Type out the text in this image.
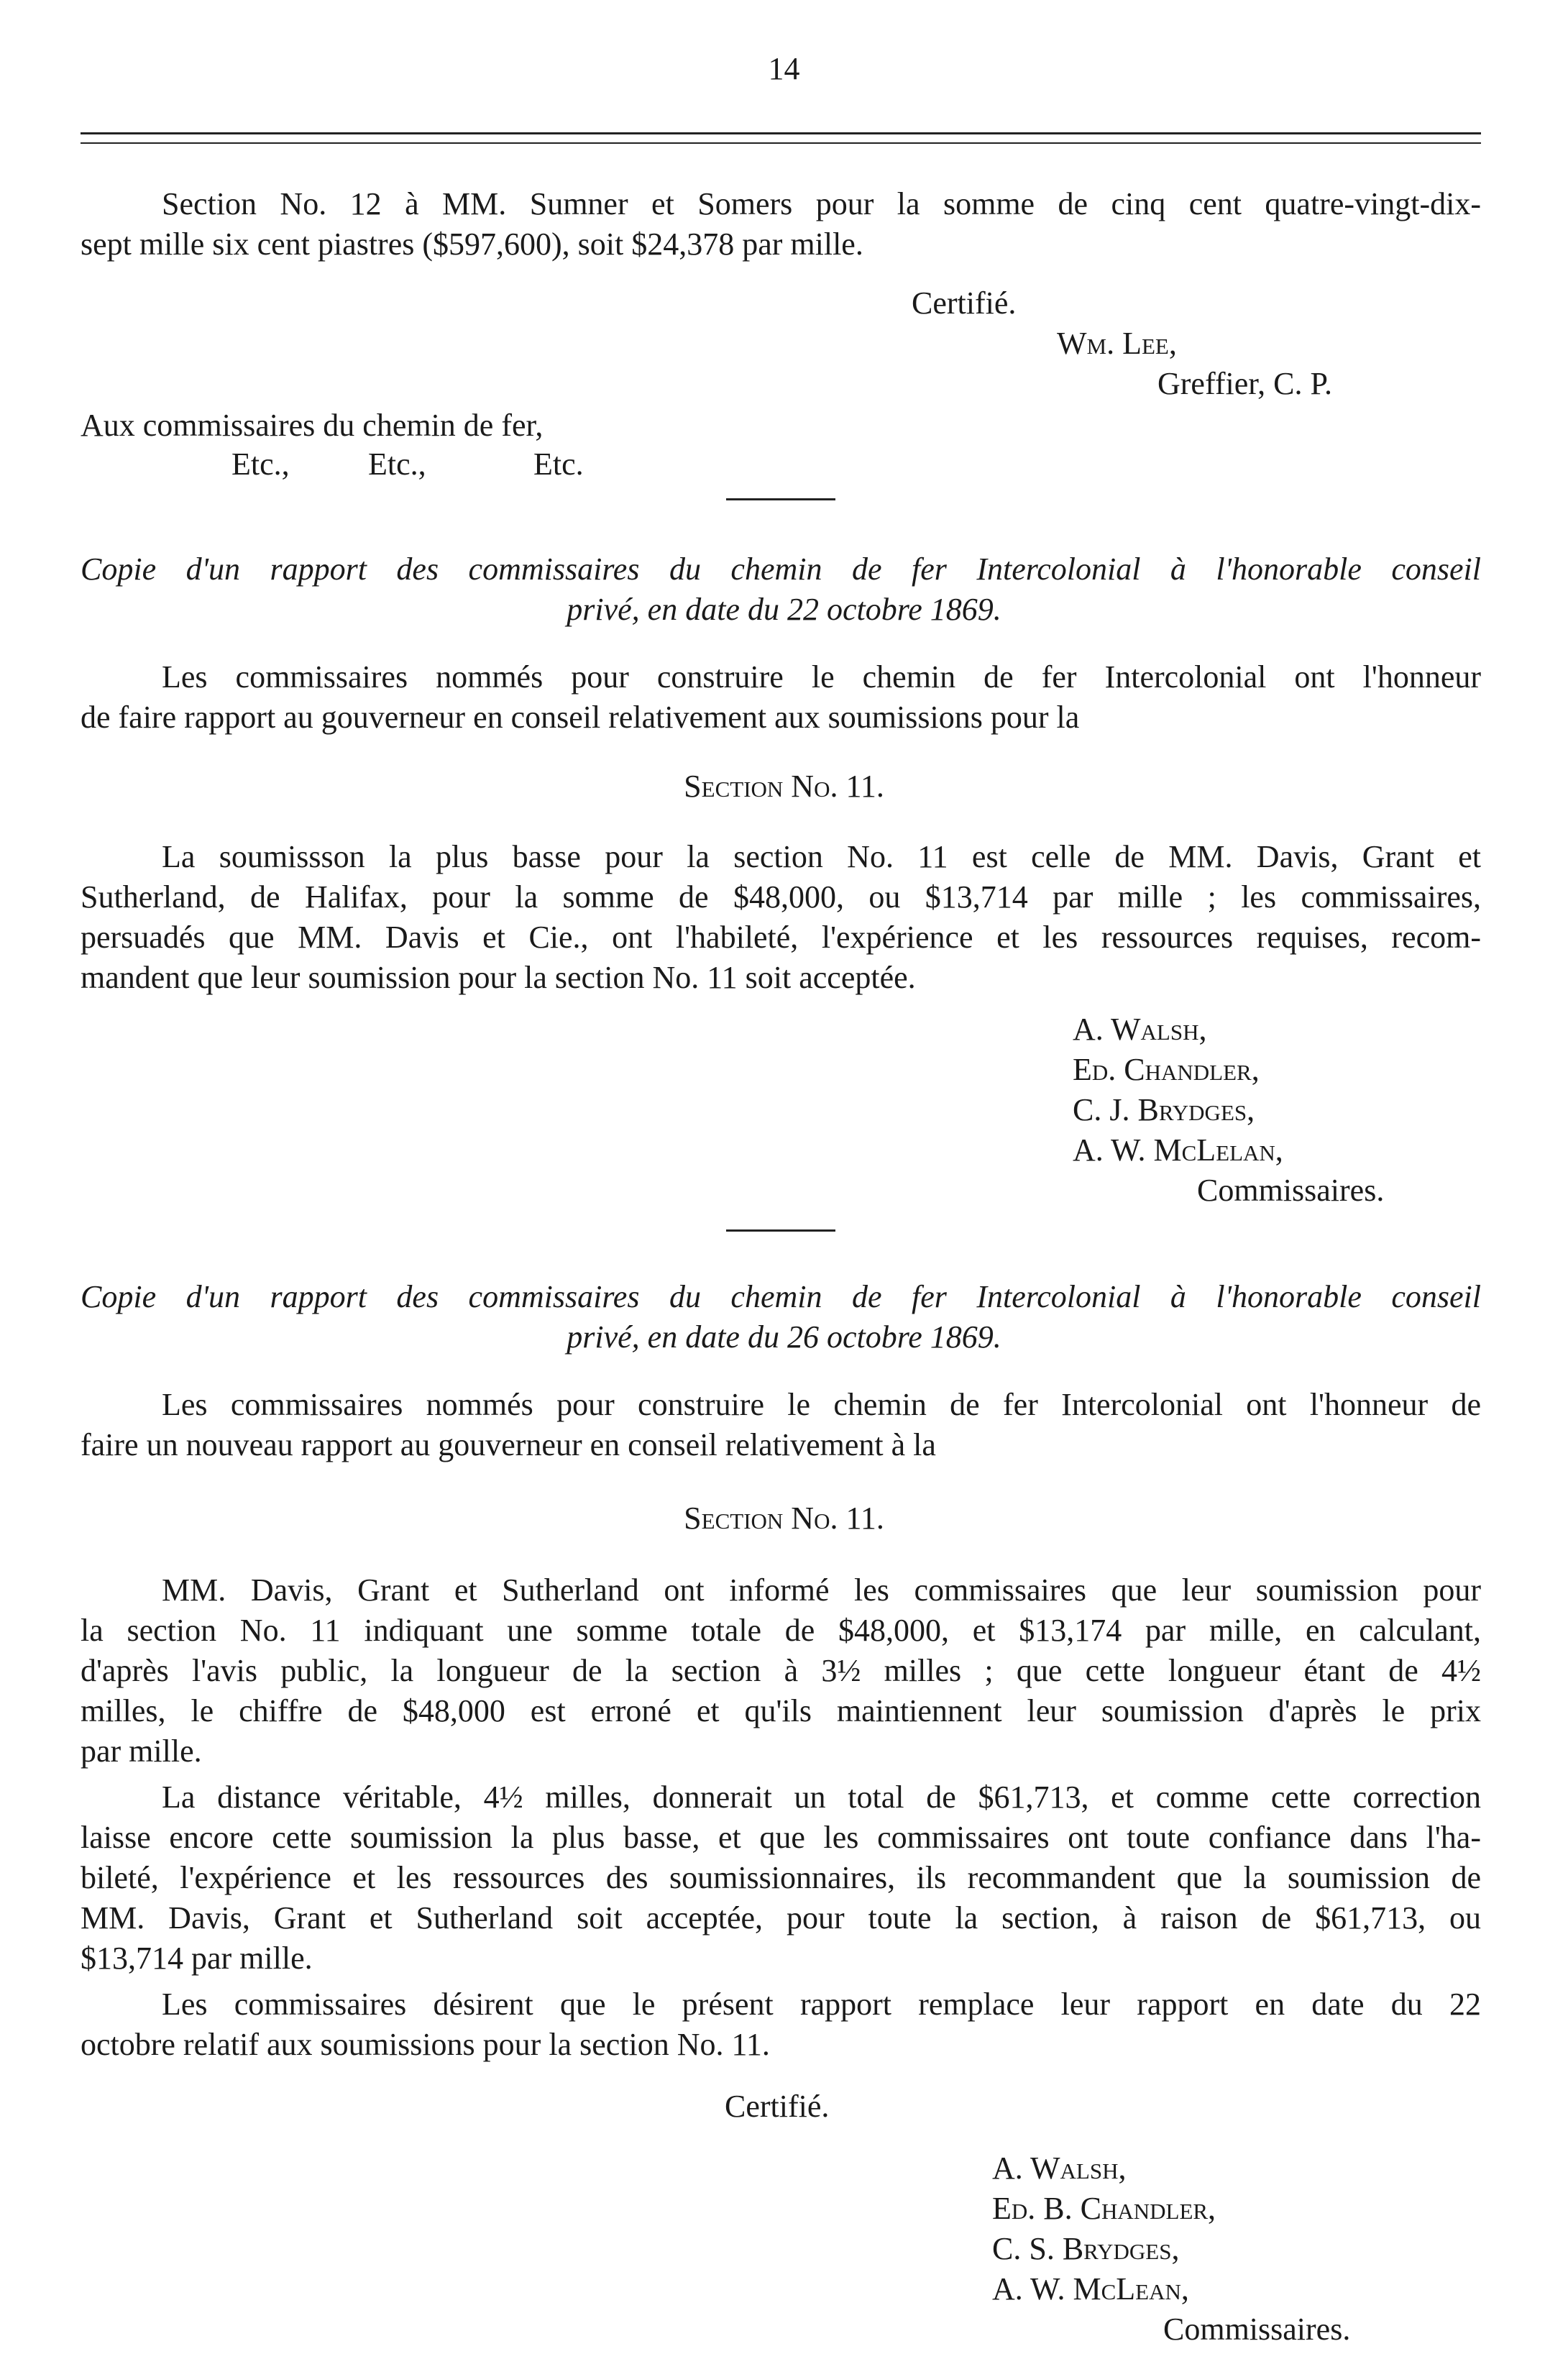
14
Section No. 12 à MM. Sumner et Somers pour la somme de cinq cent quatre-vingt-dix-
sept mille six cent piastres ($597,600), soit $24,378 par mille.
Certifié.
Wm. Lee,
Greffier, C. P.
Aux commissaires du chemin de fer,
Etc., Etc.,	Etc.
Copie d'un rapport des commissaires du chemin de fer Intercolonial à l'honorable conseil
privé, en date du 22 octobre 1869.
Les commissaires nommés pour construire le chemin de fer Intercolonial ont l'honneur
de faire rapport au gouverneur en conseil relativement aux soumissions pour la
Section No. 11.
La soumissson la plus basse pour la section No. 11 est celle de MM. Davis, Grant et
Sutherland, de Halifax, pour la somme de $48,000, ou $13,714 par mille ; les commissaires,
persuadés que MM. Davis et Cie., ont l'habileté, l'expérience et les ressources requises, recom-
mandent que leur soumission pour la section No. 11 soit acceptée.
A. Walsh,
Ed. Chandler,
C. J. Brydges,
A. W. McLelan,
Commissaires.
Copie d'un rapport des commissaires du chemin de fer Intercolonial à l'honorable conseil
privé, en date du 26 octobre 1869.
Les commissaires nommés pour construire le chemin de fer Intercolonial ont l'honneur de
faire un nouveau rapport au gouverneur en conseil relativement à la
Section No. 11.
MM. Davis, Grant et Sutherland ont informé les commissaires que leur soumission pour
la section No. 11 indiquant une somme totale de $48,000, et $13,174 par mille, en calculant,
d'après l'avis public, la longueur de la section à 3½ milles ; que cette longueur étant de 4½
milles, le chiffre de $48,000 est erroné et qu'ils maintiennent leur soumission d'après le prix
par mille.
La distance véritable, 4½ milles, donnerait un total de $61,713, et comme cette correction
laisse encore cette soumission la plus basse, et que les commissaires ont toute confiance dans l'ha-
bileté, l'expérience et les ressources des soumissionnaires, ils recommandent que la soumission de
MM. Davis, Grant et Sutherland soit acceptée, pour toute la section, à raison de $61,713, ou
$13,714 par mille.
Les commissaires désirent que le présent rapport remplace leur rapport en date du 22
octobre relatif aux soumissions pour la section No. 11.
Certifié.
A. Walsh,
Ed. B. Chandler,
C. S. Brydges,
A. W. McLean,
Commissaires.
